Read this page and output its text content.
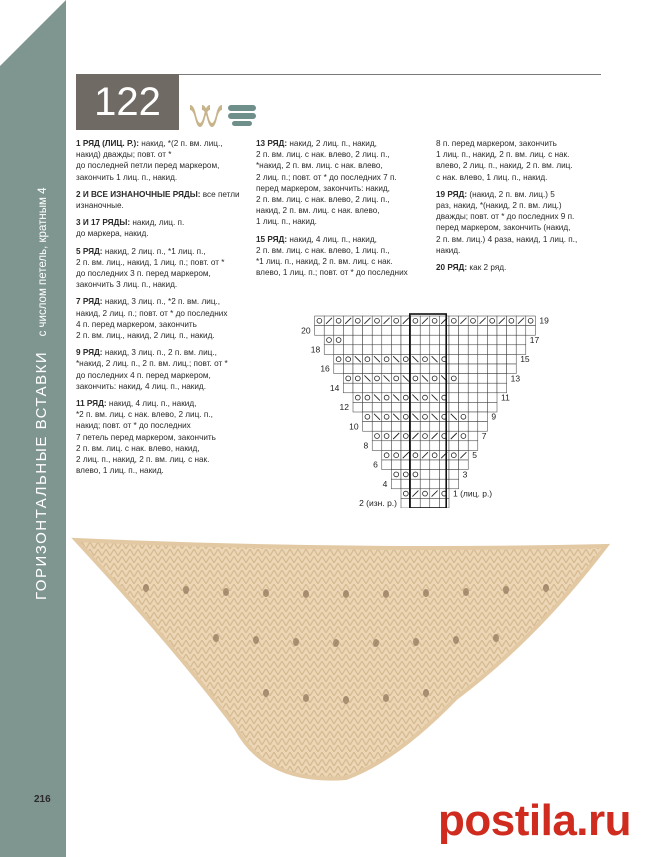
ГОРИЗОНТАЛЬНЫЕ ВСТАВКИ с числом петель, кратным 4
122

1 РЯД (ЛИЦ. Р.): накид, *(2 п. вм. лиц.,
накид) дважды; повт. от *
до последней петли перед маркером,
закончить 1 лиц. п., накид.

2 И ВСЕ ИЗНАНОЧНЫЕ РЯДЫ: все петли изнаночные.

3 И 17 РЯДЫ: накид, лиц. п.
до маркера, накид.

5 РЯД: накид, 2 лиц. п., *1 лиц. п.,
2 п. вм. лиц., накид, 1 лиц. п.; повт. от *
до последних 3 п. перед маркером,
закончить 3 лиц. п., накид.

7 РЯД: накид, 3 лиц. п., *2 п. вм. лиц.,
накид, 2 лиц. п.; повт. от * до последних
4 п. перед маркером, закончить
2 п. вм. лиц., накид, 2 лиц. п., накид.

9 РЯД: накид, 3 лиц. п., 2 п. вм. лиц.,
*накид, 2 лиц. п., 2 п. вм. лиц.; повт. от *
до последних 4 п. перед маркером,
закончить: накид, 4 лиц. п., накид.

11 РЯД: накид, 4 лиц. п., накид,
*2 п. вм. лиц. с нак. влево, 2 лиц. п.,
накид; повт. от * до последних
7 петель перед маркером, закончить
2 п. вм. лиц. с нак. влево, накид,
2 лиц. п., накид, 2 п. вм. лиц. с нак.
влево, 1 лиц. п., накид.

13 РЯД: накид, 2 лиц. п., накид,
2 п. вм. лиц. с нак. влево, 2 лиц. п.,
*накид, 2 п. вм. лиц. с нак. влево,
2 лиц. п.; повт. от * до последних 7 п.
перед маркером, закончить: накид,
2 п. вм. лиц. с нак. влево, 2 лиц. п.,
накид, 2 п. вм. лиц. с нак. влево,
1 лиц. п., накид.

15 РЯД: накид, 4 лиц. п., накид,
2 п. вм. лиц. с нак. влево, 1 лиц. п.,
*1 лиц. п., накид, 2 п. вм. лиц. с нак.
влево, 1 лиц. п.; повт. от * до последних

8 п. перед маркером, закончить
1 лиц. п., накид, 2 п. вм. лиц. с нак.
влево, 2 лиц. п., накид, 2 п. вм. лиц.
с нак. влево, 1 лиц. п., накид.

19 РЯД: (накид, 2 п. вм. лиц.) 5
раз, накид, *(накид, 2 п. вм. лиц.)
дважды; повт. от * до последних 9 п.
перед маркером, закончить (накид,
2 п. вм. лиц.) 4 раза, накид, 1 лиц. п.,
накид.

20 РЯД: как 2 ряд.

20
19
18
17
16
15
14
13
12
11
10
9
8
7
6
5
4
3
2 (изн. р.)
1 (лиц. р.)
216	postila.ru
